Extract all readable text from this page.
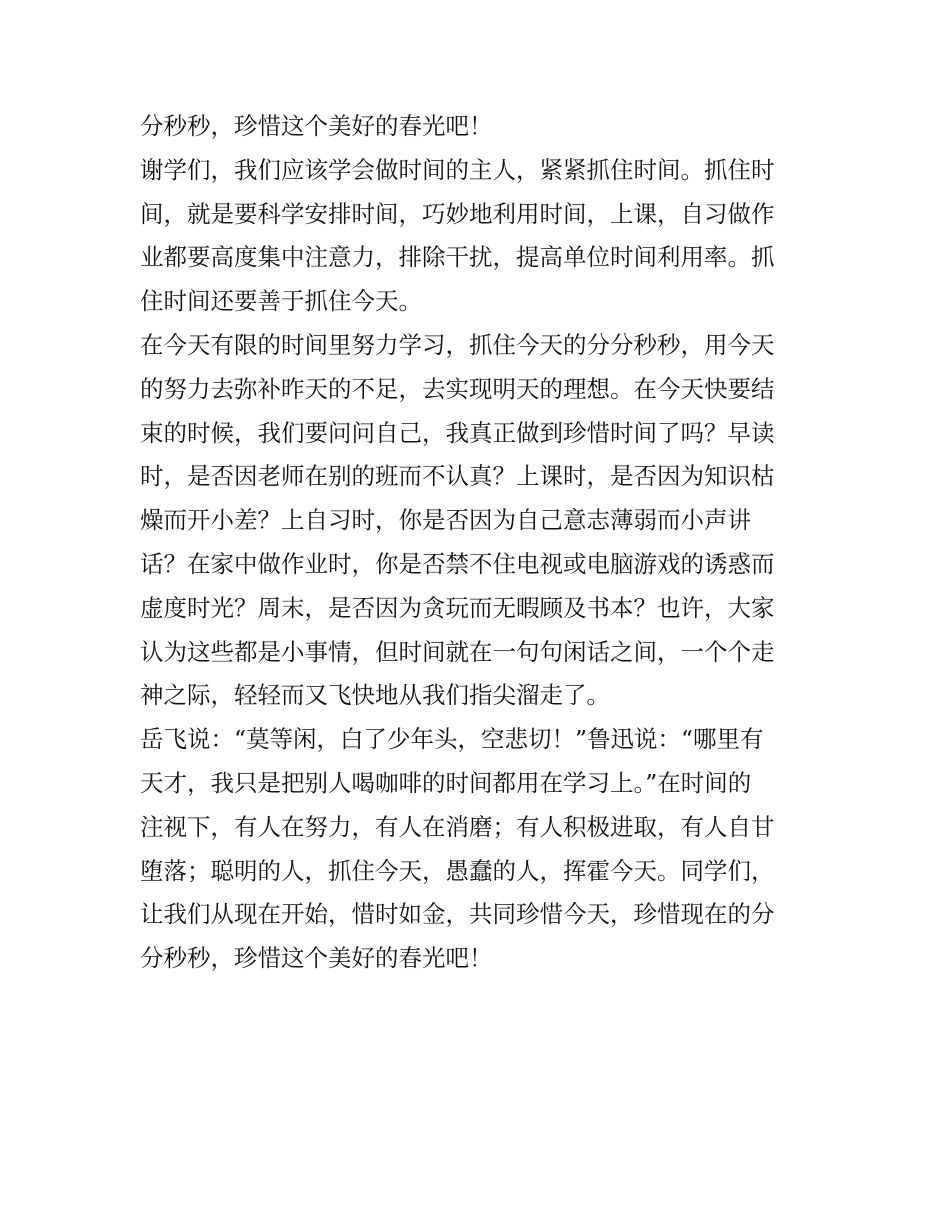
分秒秒，珍惜这个美好的春光吧！

谢学们，我们应该学会做时间的主人，紧紧抓住时间。抓住时

间，就是要科学安排时间，巧妙地利用时间，上课，自习做作

业都要高度集中注意力，排除干扰，提高单位时间利用率。抓

住时间还要善于抓住今天。

在今天有限的时间里努力学习，抓住今天的分分秒秒，用今天

的努力去弥补昨天的不足，去实现明天的理想。在今天快要结

束的时候，我们要问问自己，我真正做到珍惜时间了吗？早读

时，是否因老师在别的班而不认真？上课时，是否因为知识枯

燥而开小差？上自习时，你是否因为自己意志薄弱而小声讲

话？在家中做作业时，你是否禁不住电视或电脑游戏的诱惑而

虚度时光？周末，是否因为贪玩而无暇顾及书本？也许，大家

认为这些都是小事情，但时间就在一句句闲话之间，一个个走

神之际，轻轻而又飞快地从我们指尖溜走了。

岳飞说：“莫等闲，白了少年头，空悲切！”鲁迅说：“哪里有

天才，我只是把别人喝咖啡的时间都用在学习上。”在时间的

注视下，有人在努力，有人在消磨；有人积极进取，有人自甘

堕落；聪明的人，抓住今天，愚蠢的人，挥霍今天。同学们，

让我们从现在开始，惜时如金，共同珍惜今天，珍惜现在的分

分秒秒，珍惜这个美好的春光吧！
